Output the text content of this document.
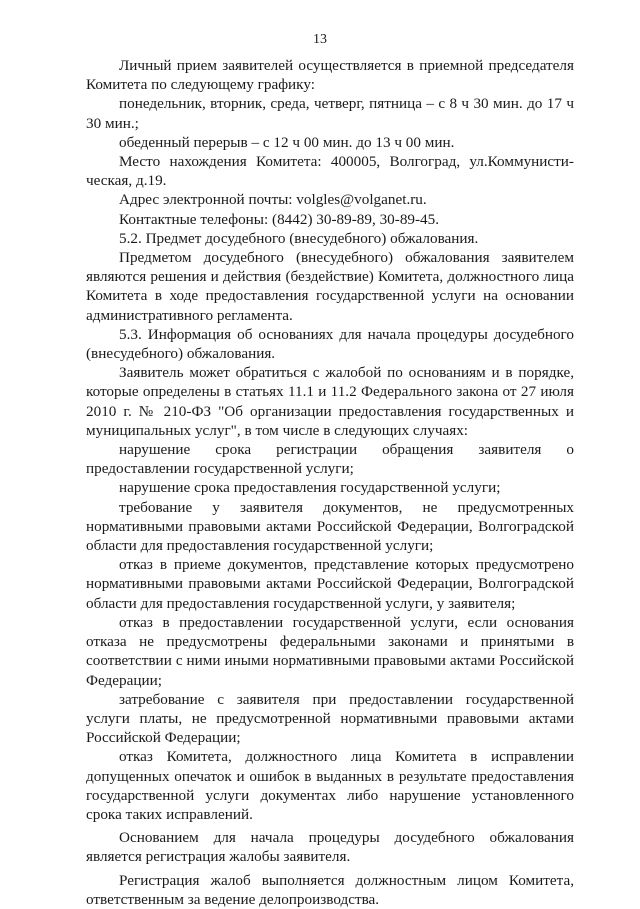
13

Личный прием заявителей осуществляется в приемной председателя Комитета по следующему графику:

понедельник, вторник, среда, четверг, пятница – с 8 ч 30 мин. до 17 ч 30 мин.;

обеденный перерыв – с 12 ч 00 мин. до 13 ч 00 мин.

Место нахождения Комитета: 400005, Волгоград, ул.Коммунисти-ческая, д.19.

Адрес электронной почты: volgles@volganet.ru.

Контактные телефоны: (8442) 30-89-89, 30-89-45.

5.2. Предмет досудебного (внесудебного) обжалования.

Предметом досудебного (внесудебного) обжалования заявителем являются решения и действия (бездействие) Комитета, должностного лица Комитета в ходе предоставления государственной услуги на основании административного регламента.

5.3. Информация об основаниях для начала процедуры досудебного (внесудебного) обжалования.

Заявитель может обратиться с жалобой по основаниям и в порядке, которые определены в статьях 11.1 и 11.2 Федерального закона от 27 июля 2010 г. № 210-ФЗ "Об организации предоставления государственных и муниципальных услуг", в том числе в следующих случаях:

нарушение срока регистрации обращения заявителя о предоставлении государственной услуги;

нарушение срока предоставления государственной услуги;

требование у заявителя документов, не предусмотренных нормативными правовыми актами Российской Федерации, Волгоградской области для предоставления государственной услуги;

отказ в приеме документов, представление которых предусмотрено нормативными правовыми актами Российской Федерации, Волгоградской области для предоставления государственной услуги, у заявителя;

отказ в предоставлении государственной услуги, если основания отказа не предусмотрены федеральными законами и принятыми в соответствии с ними иными нормативными правовыми актами Российской Федерации;

затребование с заявителя при предоставлении государственной услуги платы, не предусмотренной нормативными правовыми актами Российской Федерации;

отказ Комитета, должностного лица Комитета в исправлении допущенных опечаток и ошибок в выданных в результате предоставления государственной услуги документах либо нарушение установленного срока таких исправлений.

Основанием для начала процедуры досудебного обжалования является регистрация жалобы заявителя.

Регистрация жалоб выполняется должностным лицом Комитета, ответственным за ведение делопроизводства.
